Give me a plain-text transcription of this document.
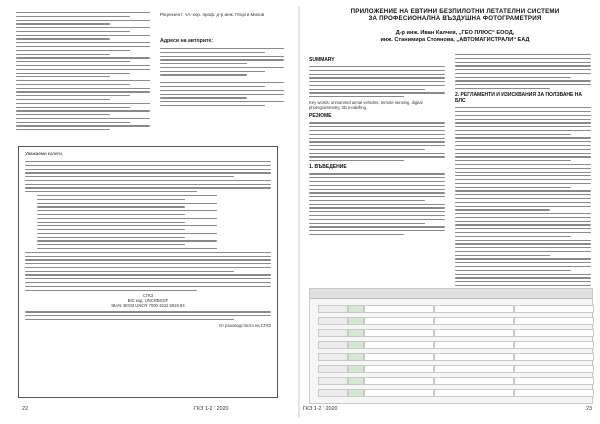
Рецензент: чл.-кор. проф. д-р инж. Георги Михов
Адреси на авторите:
Уважаеми колеги,
СГКЗ
BIC код: UNCRBGSF
IBAN: BG03 UNCR 7000 1522 5819 84
От ръководството на СГКЗ
22	ГКЗ 1-2 ' 2020
ПРИЛОЖЕНИЕ НА ЕВТИНИ БЕЗПИЛОТНИ ЛЕТАТЕЛНИ СИСТЕМИ
ЗА ПРОФЕСИОНАЛНА ВЪЗДУШНА ФОТОГРАМЕТРИЯ
Д-р инж. Иван Калчев, „ГЕО ПЛЮС“ ЕООД,
инж. Станимира Стоянова, „АВТОМАГИСТРАЛИ“ ЕАД
SUMMARY
Key words: unmanned aerial vehicles, remote sensing, digital photogrammetry, 3D modelling.
РЕЗЮМЕ
1. ВЪВЕДЕНИЕ
2. РЕГЛАМЕНТИ И ИЗИСКВАНИЯ ЗА ПОЛЗВАНЕ НА БЛС
ГКЗ 1-2 ' 2020	23
